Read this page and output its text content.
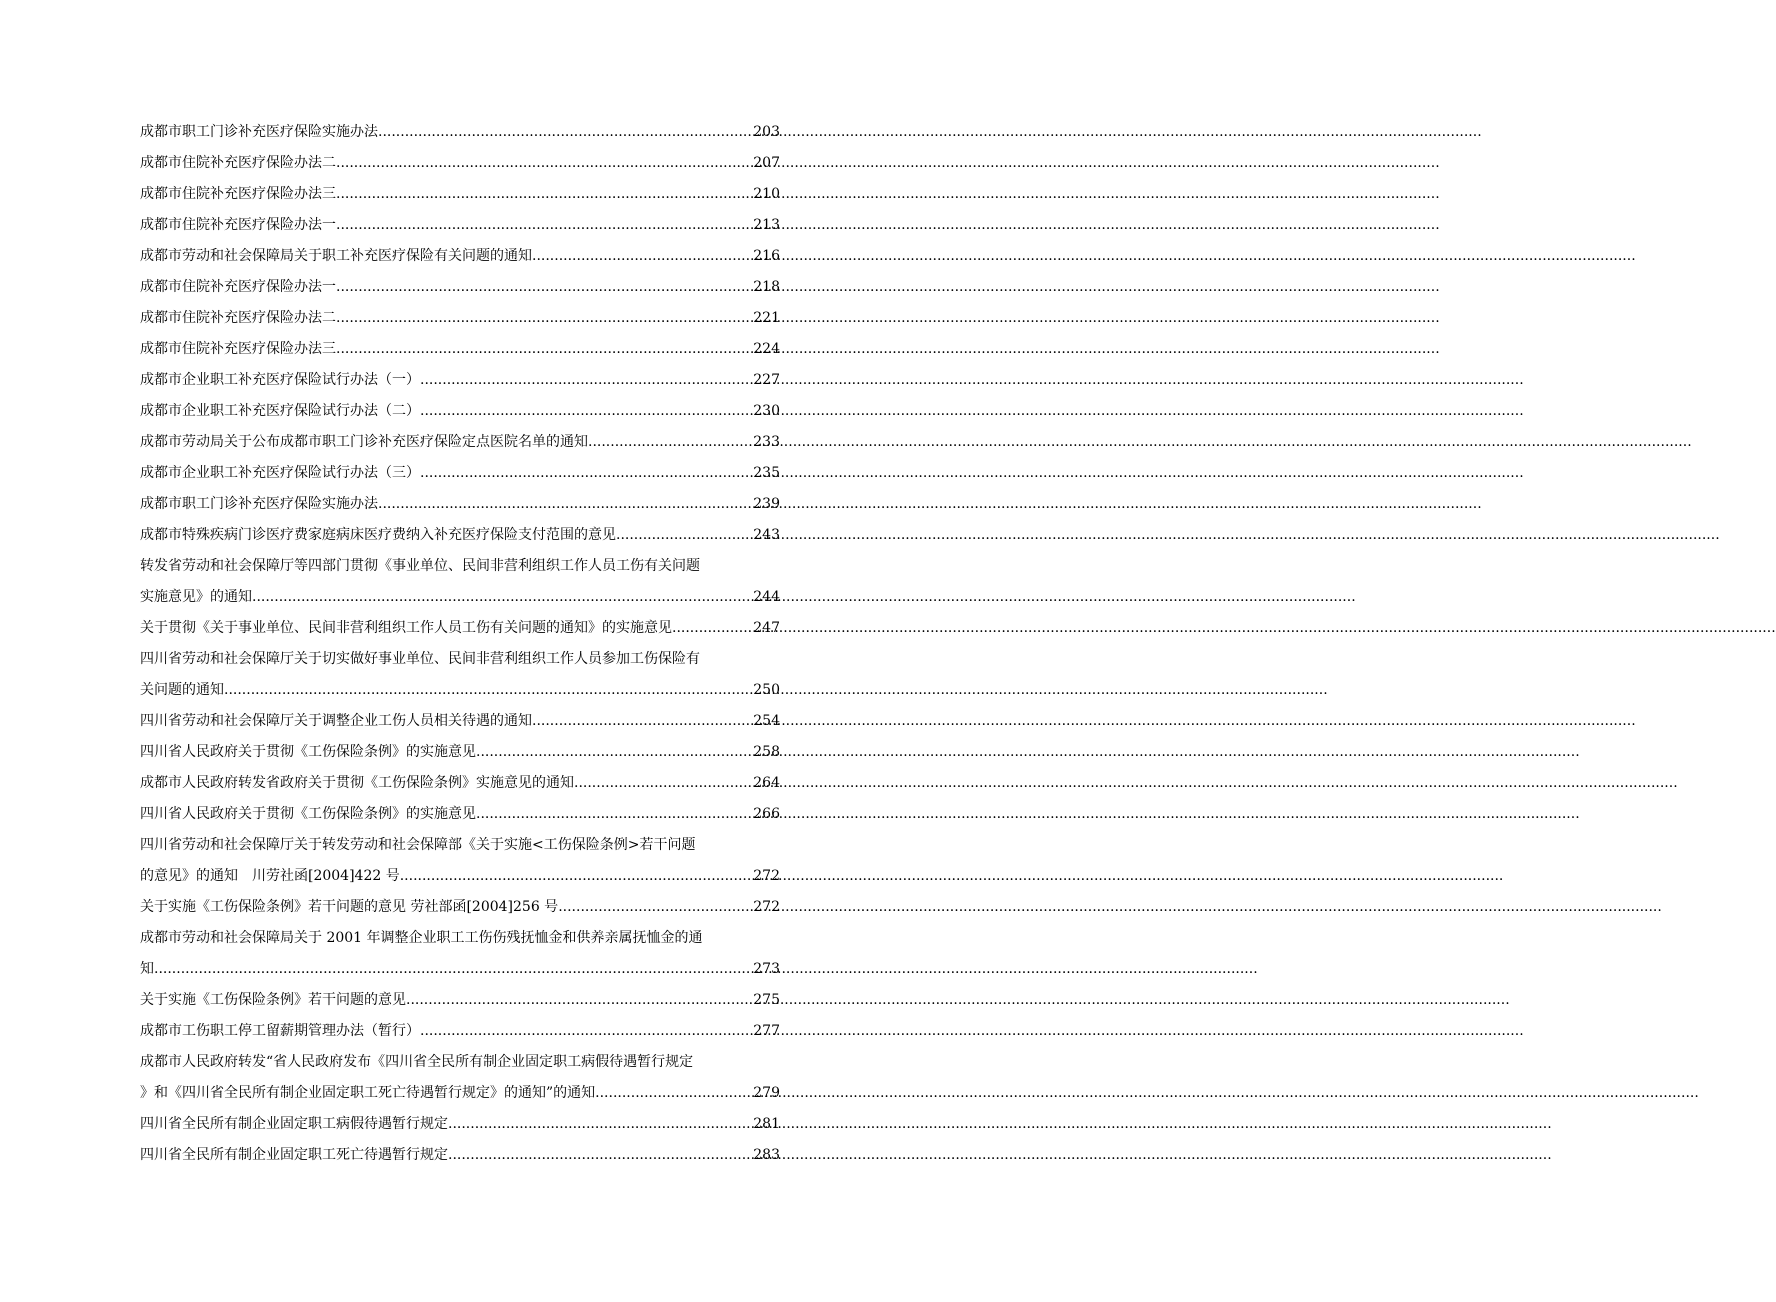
成都市职工门诊补充医疗保险实施办法 .....	203
成都市住院补充医疗保险办法二 .....	207
成都市住院补充医疗保险办法三 .....	210
成都市住院补充医疗保险办法一 .....	213
成都市劳动和社会保障局关于职工补充医疗保险有关问题的通知 .....	216
成都市住院补充医疗保险办法一 .....	218
成都市住院补充医疗保险办法二 .....	221
成都市住院补充医疗保险办法三 .....	224
成都市企业职工补充医疗保险试行办法（一） .....	227
成都市企业职工补充医疗保险试行办法（二） .....	230
成都市劳动局关于公布成都市职工门诊补充医疗保险定点医院名单的通知 .....	233
成都市企业职工补充医疗保险试行办法（三） .....	235
成都市职工门诊补充医疗保险实施办法 .....	239
成都市特殊疾病门诊医疗费家庭病床医疗费纳入补充医疗保险支付范围的意见 .....	243
转发省劳动和社会保障厅等四部门贯彻《事业单位、民间非营利组织工作人员工伤有关问题
实施意见》的通知 .....	244
关于贯彻《关于事业单位、民间非营利组织工作人员工伤有关问题的通知》的实施意见 .....	247
四川省劳动和社会保障厅关于切实做好事业单位、民间非营利组织工作人员参加工伤保险有
关问题的通知 .....	250
四川省劳动和社会保障厅关于调整企业工伤人员相关待遇的通知 .....	254
四川省人民政府关于贯彻《工伤保险条例》的实施意见 .....	258
成都市人民政府转发省政府关于贯彻《工伤保险条例》实施意见的通知 .....	264
四川省人民政府关于贯彻《工伤保险条例》的实施意见 .....	266
四川省劳动和社会保障厅关于转发劳动和社会保障部《关于实施<工伤保险条例>若干问题
的意见》的通知　川劳社函[2004]422 号 .....	272
关于实施《工伤保险条例》若干问题的意见 劳社部函[2004]256 号 .....	272
成都市劳动和社会保障局关于 2001 年调整企业职工工伤伤残抚恤金和供养亲属抚恤金的通
知 .....	273
关于实施《工伤保险条例》若干问题的意见 .....	275
成都市工伤职工停工留薪期管理办法（暂行） .....	277
成都市人民政府转发“省人民政府发布《四川省全民所有制企业固定职工病假待遇暂行规定
》和《四川省全民所有制企业固定职工死亡待遇暂行规定》的通知”的通知 .....	279
四川省全民所有制企业固定职工病假待遇暂行规定 .....	281
四川省全民所有制企业固定职工死亡待遇暂行规定 .....	283
